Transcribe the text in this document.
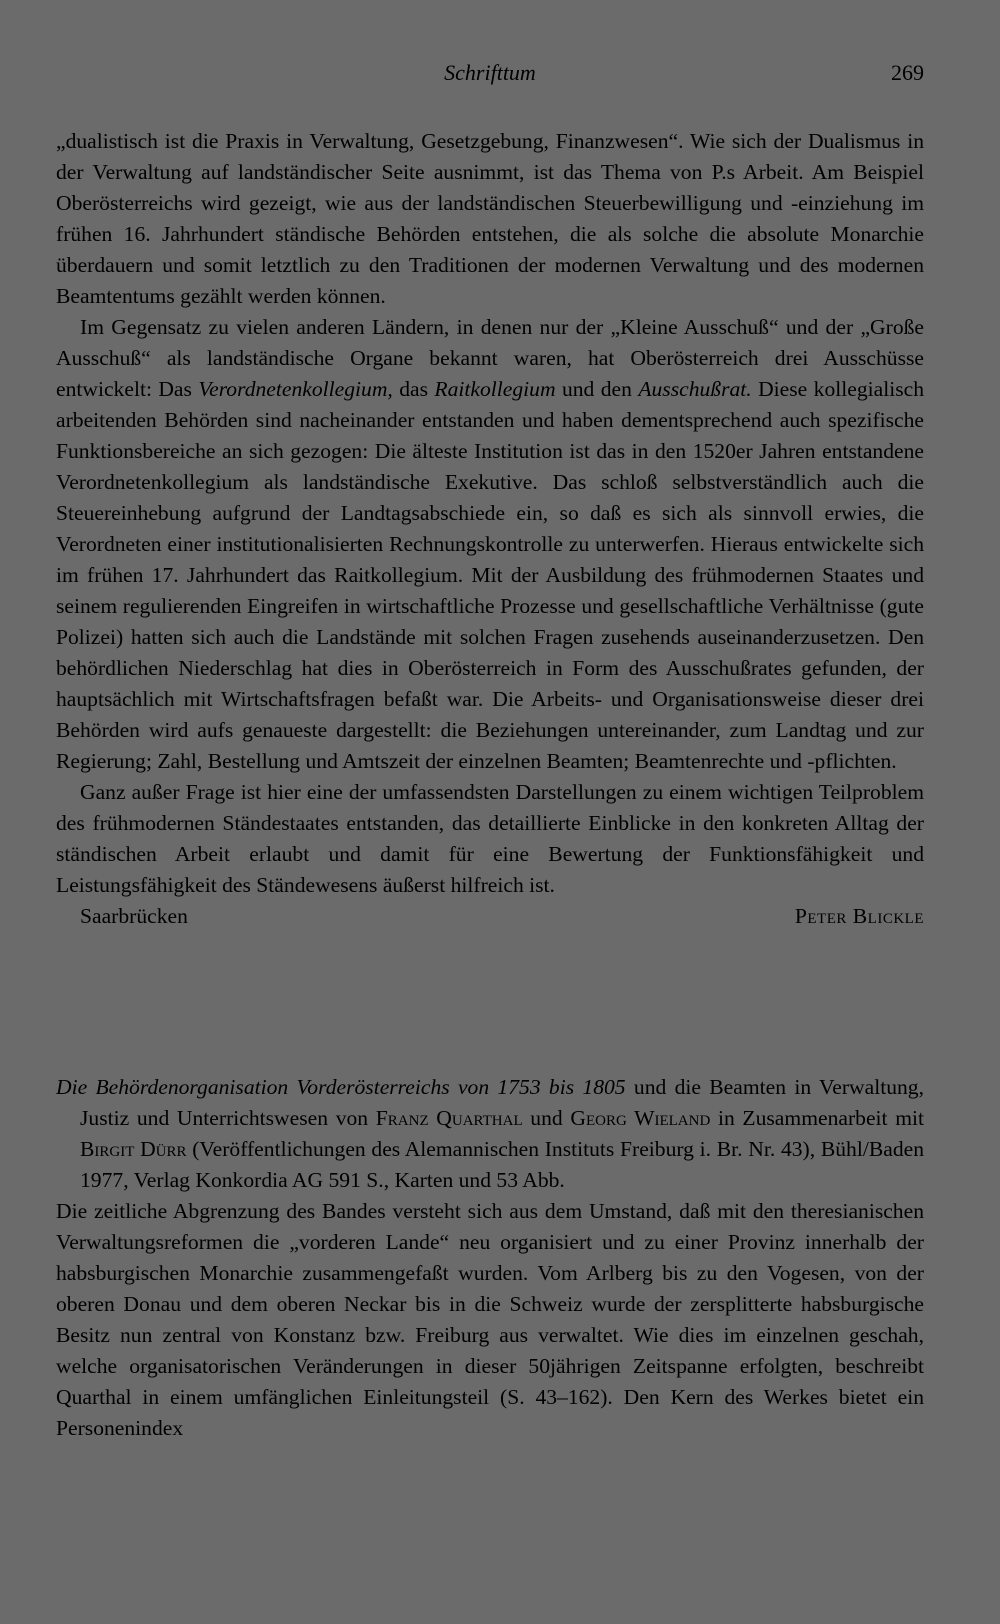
Schrifttum	269

„dualistisch ist die Praxis in Verwaltung, Gesetzgebung, Finanzwesen“. Wie sich der Dualismus in der Verwaltung auf landständischer Seite ausnimmt, ist das Thema von P.s Arbeit. Am Beispiel Oberösterreichs wird gezeigt, wie aus der landständischen Steuerbewilligung und -einziehung im frühen 16. Jahrhundert ständische Behörden entstehen, die als solche die absolute Monarchie überdauern und somit letztlich zu den Traditionen der modernen Verwaltung und des modernen Beamtentums gezählt werden können.

Im Gegensatz zu vielen anderen Ländern, in denen nur der „Kleine Ausschuß“ und der „Große Ausschuß“ als landständische Organe bekannt waren, hat Oberösterreich drei Ausschüsse entwickelt: Das Verordnetenkollegium, das Raitkollegium und den Ausschußrat. Diese kollegialisch arbeitenden Behörden sind nacheinander entstanden und haben dementsprechend auch spezifische Funktionsbereiche an sich gezogen: Die älteste Institution ist das in den 1520er Jahren entstandene Verordnetenkollegium als landständische Exekutive. Das schloß selbstverständlich auch die Steuereinhebung aufgrund der Landtagsabschiede ein, so daß es sich als sinnvoll erwies, die Verordneten einer institutionalisierten Rechnungskontrolle zu unterwerfen. Hieraus entwickelte sich im frühen 17. Jahrhundert das Raitkollegium. Mit der Ausbildung des frühmodernen Staates und seinem regulierenden Eingreifen in wirtschaftliche Prozesse und gesellschaftliche Verhältnisse (gute Polizei) hatten sich auch die Landstände mit solchen Fragen zusehends auseinanderzusetzen. Den behördlichen Niederschlag hat dies in Oberösterreich in Form des Ausschußrates gefunden, der hauptsächlich mit Wirtschaftsfragen befaßt war. Die Arbeits- und Organisationsweise dieser drei Behörden wird aufs genaueste dargestellt: die Beziehungen untereinander, zum Landtag und zur Regierung; Zahl, Bestellung und Amtszeit der einzelnen Beamten; Beamtenrechte und -pflichten.

Ganz außer Frage ist hier eine der umfassendsten Darstellungen zu einem wichtigen Teilproblem des frühmodernen Ständestaates entstanden, das detaillierte Einblicke in den konkreten Alltag der ständischen Arbeit erlaubt und damit für eine Bewertung der Funktionsfähigkeit und Leistungsfähigkeit des Ständewesens äußerst hilfreich ist.

Saarbrücken	Peter Blickle

Die Behördenorganisation Vorderösterreichs von 1753 bis 1805 und die Beamten in Verwaltung, Justiz und Unterrichtswesen von Franz Quarthal und Georg Wieland in Zusammenarbeit mit Birgit Dürr (Veröffentlichungen des Alemannischen Instituts Freiburg i. Br. Nr. 43), Bühl/Baden 1977, Verlag Konkordia AG 591 S., Karten und 53 Abb.

Die zeitliche Abgrenzung des Bandes versteht sich aus dem Umstand, daß mit den theresianischen Verwaltungsreformen die „vorderen Lande“ neu organisiert und zu einer Provinz innerhalb der habsburgischen Monarchie zusammengefaßt wurden. Vom Arlberg bis zu den Vogesen, von der oberen Donau und dem oberen Neckar bis in die Schweiz wurde der zersplitterte habsburgische Besitz nun zentral von Konstanz bzw. Freiburg aus verwaltet. Wie dies im einzelnen geschah, welche organisatorischen Veränderungen in dieser 50jährigen Zeitspanne erfolgten, beschreibt Quarthal in einem umfänglichen Einleitungsteil (S. 43–162). Den Kern des Werkes bietet ein Personenindex
